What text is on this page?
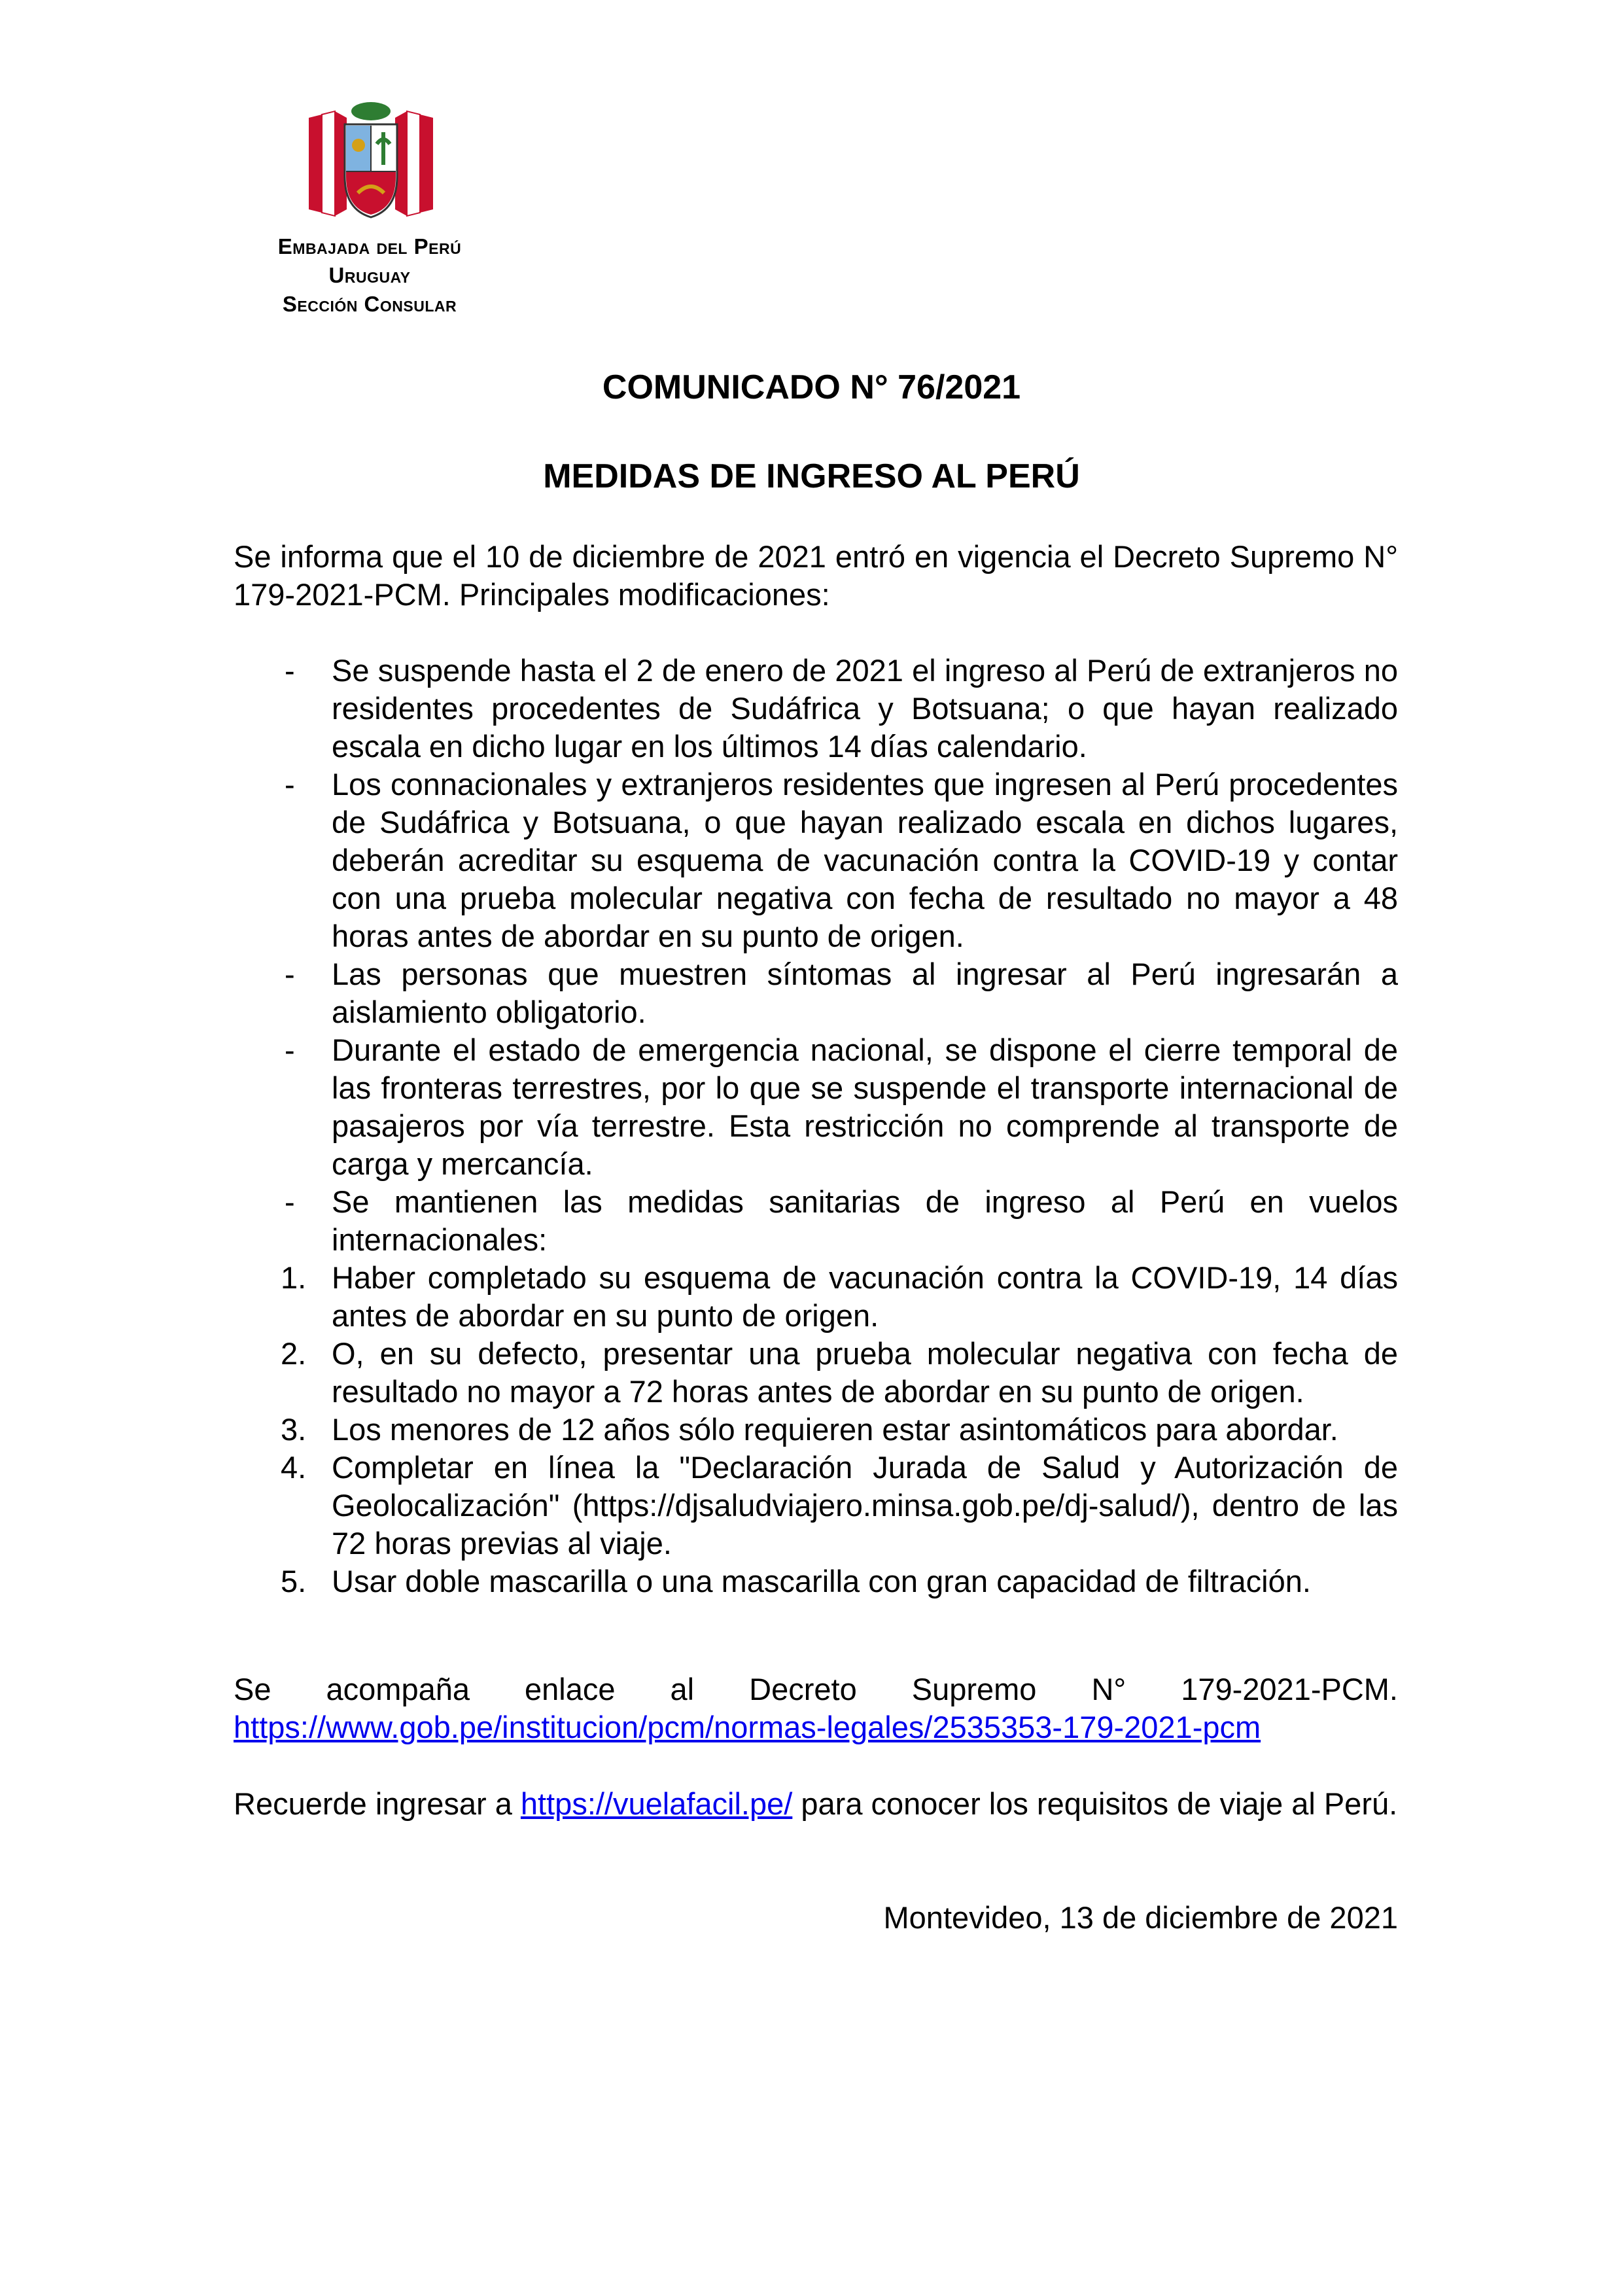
Embajada del Perú
Uruguay
Sección Consular
COMUNICADO N° 76/2021
MEDIDAS DE INGRESO AL PERÚ
Se informa que el 10 de diciembre de 2021 entró en vigencia el Decreto Supremo N° 179-2021-PCM. Principales modificaciones:
- Se suspende hasta el 2 de enero de 2021 el ingreso al Perú de extranjeros no residentes procedentes de Sudáfrica y Botsuana; o que hayan realizado escala en dicho lugar en los últimos 14 días calendario.
- Los connacionales y extranjeros residentes que ingresen al Perú procedentes de Sudáfrica y Botsuana, o que hayan realizado escala en dichos lugares, deberán acreditar su esquema de vacunación contra la COVID-19 y contar con una prueba molecular negativa con fecha de resultado no mayor a 48 horas antes de abordar en su punto de origen.
- Las personas que muestren síntomas al ingresar al Perú ingresarán a aislamiento obligatorio.
- Durante el estado de emergencia nacional, se dispone el cierre temporal de las fronteras terrestres, por lo que se suspende el transporte internacional de pasajeros por vía terrestre. Esta restricción no comprende al transporte de carga y mercancía.
- Se mantienen las medidas sanitarias de ingreso al Perú en vuelos internacionales:
1. Haber completado su esquema de vacunación contra la COVID-19, 14 días antes de abordar en su punto de origen.
2. O, en su defecto, presentar una prueba molecular negativa con fecha de resultado no mayor a 72 horas antes de abordar en su punto de origen.
3. Los menores de 12 años sólo requieren estar asintomáticos para abordar.
4. Completar en línea la "Declaración Jurada de Salud y Autorización de Geolocalización" (https://djsaludviajero.minsa.gob.pe/dj-salud/), dentro de las 72 horas previas al viaje.
5. Usar doble mascarilla o una mascarilla con gran capacidad de filtración.
Se acompaña enlace al Decreto Supremo N° 179-2021-PCM.
https://www.gob.pe/institucion/pcm/normas-legales/2535353-179-2021-pcm
Recuerde ingresar a https://vuelafacil.pe/ para conocer los requisitos de viaje al Perú.
Montevideo, 13 de diciembre de 2021
